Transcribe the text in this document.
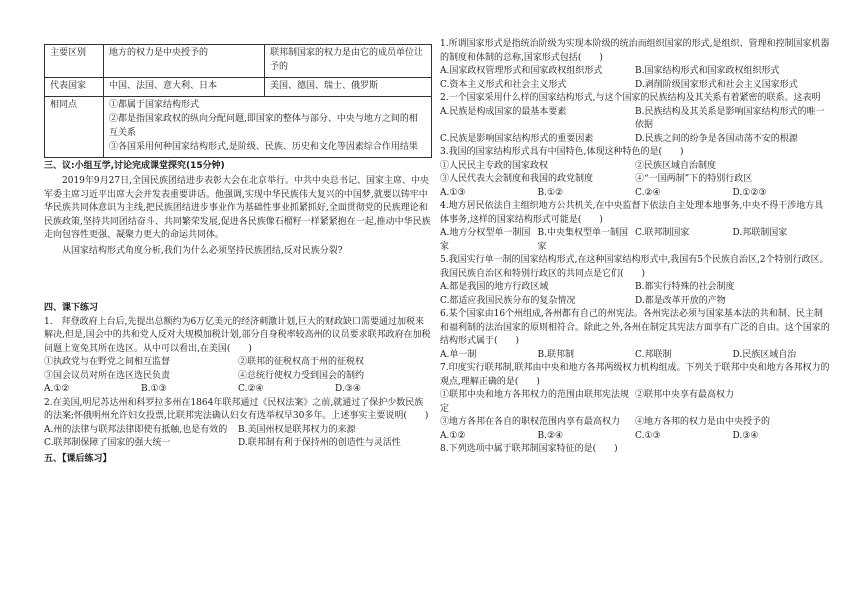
主要区别	地方的权力是中央授予的	联邦制国家的权力是由它的成员单位让予的
代表国家	中国、法国、意大利、日本	美国、德国、瑞士、俄罗斯
相同点	①都属于国家结构形式

②都是指国家政权的纵向分配问题,即国家的整体与部分、中央与地方之间的相互关系

③各国采用何种国家结构形式,是阶级、民族、历史和文化等因素综合作用结果	

三、议:小组互学,讨论完成课堂探究(15分钟)

2019年9月27日,全国民族团结进步表彰大会在北京举行。中共中央总书记、国家主席、中央军委主席习近平出席大会并发表重要讲话。他强调,实现中华民族伟大复兴的中国梦,就要以铸牢中华民族共同体意识为主线,把民族团结进步事业作为基础性事业抓紧抓好,全面贯彻党的民族理论和民族政策,坚持共同团结奋斗、共同繁荣发展,促进各民族像石榴籽一样紧紧抱在一起,推动中华民族走向包容性更强、凝聚力更大的命运共同体。

从国家结构形式角度分析,我们为什么必须坚持民族团结,反对民族分裂?

四、课下练习

1.　拜登政府上台后,先提出总额约为6万亿美元的经济刺激计划,巨大的财政缺口需要通过加税来解决,但是,国会中的共和党人反对大规模加税计划,部分自身税率较高州的议员要求联邦政府在加税问题上宽免其所在选区。从中可以看出,在美国(　　)

①执政党与在野党之间相互监督	②联邦的征税权高于州的征税权
③国会议员对所在选区选民负责	④总统行使权力受到国会的制约
A.①②	B.①③	C.②④	D.③④

2.在美国,明尼苏达州和科罗拉多州在1864年联邦通过《民权法案》之前,就通过了保护少数民族的法案;怀俄明州允许妇女投票,比联邦宪法确认妇女有选举权早30多年。上述事实主要说明(　　)

A.州的法律与联邦法律即使有抵触,也是有效的	B.美国州权是联邦权力的来源
C.联邦制保障了国家的强大统一	D.联邦制有利于保持州的创造性与灵活性

五、【课后练习】

1.所谓国家形式是指统治阶级为实现本阶级的统治而组织国家的形式,是组织、管理和控制国家机器的制度和体制的总称,国家形式包括(　　)

A.国家政权管理形式和国家政权组织形式	B.国家结构形式和国家政权组织形式
C.资本主义形式和社会主义形式	D.剥削阶级国家形式和社会主义国家形式

2.一个国家采用什么样的国家结构形式,与这个国家的民族结构及其关系有着紧密的联系。这表明

A.民族是构成国家的最基本要素	B.民族结构及其关系是影响国家结构形式的唯一依据
C.民族是影响国家结构形式的重要因素	D.民族之间的纷争是各国动荡不安的根源

3.我国的国家结构形式具有中国特色,体现这种特色的是(　　)

①人民民主专政的国家政权	②民族区域自治制度
③人民代表大会制度和我国的政党制度	④“一国两制”下的特别行政区
A.①③	B.①②	C.②④	D.①②③

4.地方居民依法自主组织地方公共机关,在中央监督下依法自主处理本地事务,中央不得干涉地方具体事务,这样的国家结构形式可能是(　　)

A.地方分权型单一制国家
B.中央集权型单一制国家
C.联邦制国家	D.邦联制国家

5.我国实行单一制的国家结构形式,在这种国家结构形式中,我国有5个民族自治区,2个特别行政区。我国民族自治区和特别行政区的共同点是它们(　　)

A.都是我国的地方行政区域	B.都实行特殊的社会制度
C.都适应我国民族分布的复杂情况	D.都是改革开放的产物

6.某个国家由16个州组成,各州都有自己的州宪法。各州宪法必须与国家基本法的共和制、民主制和福利制的法治国家的原则相符合。除此之外,各州在制定其宪法方面享有广泛的自由。这个国家的结构形式属于(　　)

A.单一制	B.联邦制	C.邦联制	D.民族区域自治

7.印度实行联邦制,联邦由中央和地方各邦两级权力机构组成。下列关于联邦中央和地方各邦权力的观点,理解正确的是(　　)

①联邦中央和地方各邦权力的范围由联邦宪法规定
②联邦中央享有最高权力
③地方各邦在各自的职权范围内享有最高权力	④地方各邦的权力是由中央授予的
A.①②	B.②④	C.①③	D.③④

8.下列选项中属于联邦制国家特征的是(　　)
